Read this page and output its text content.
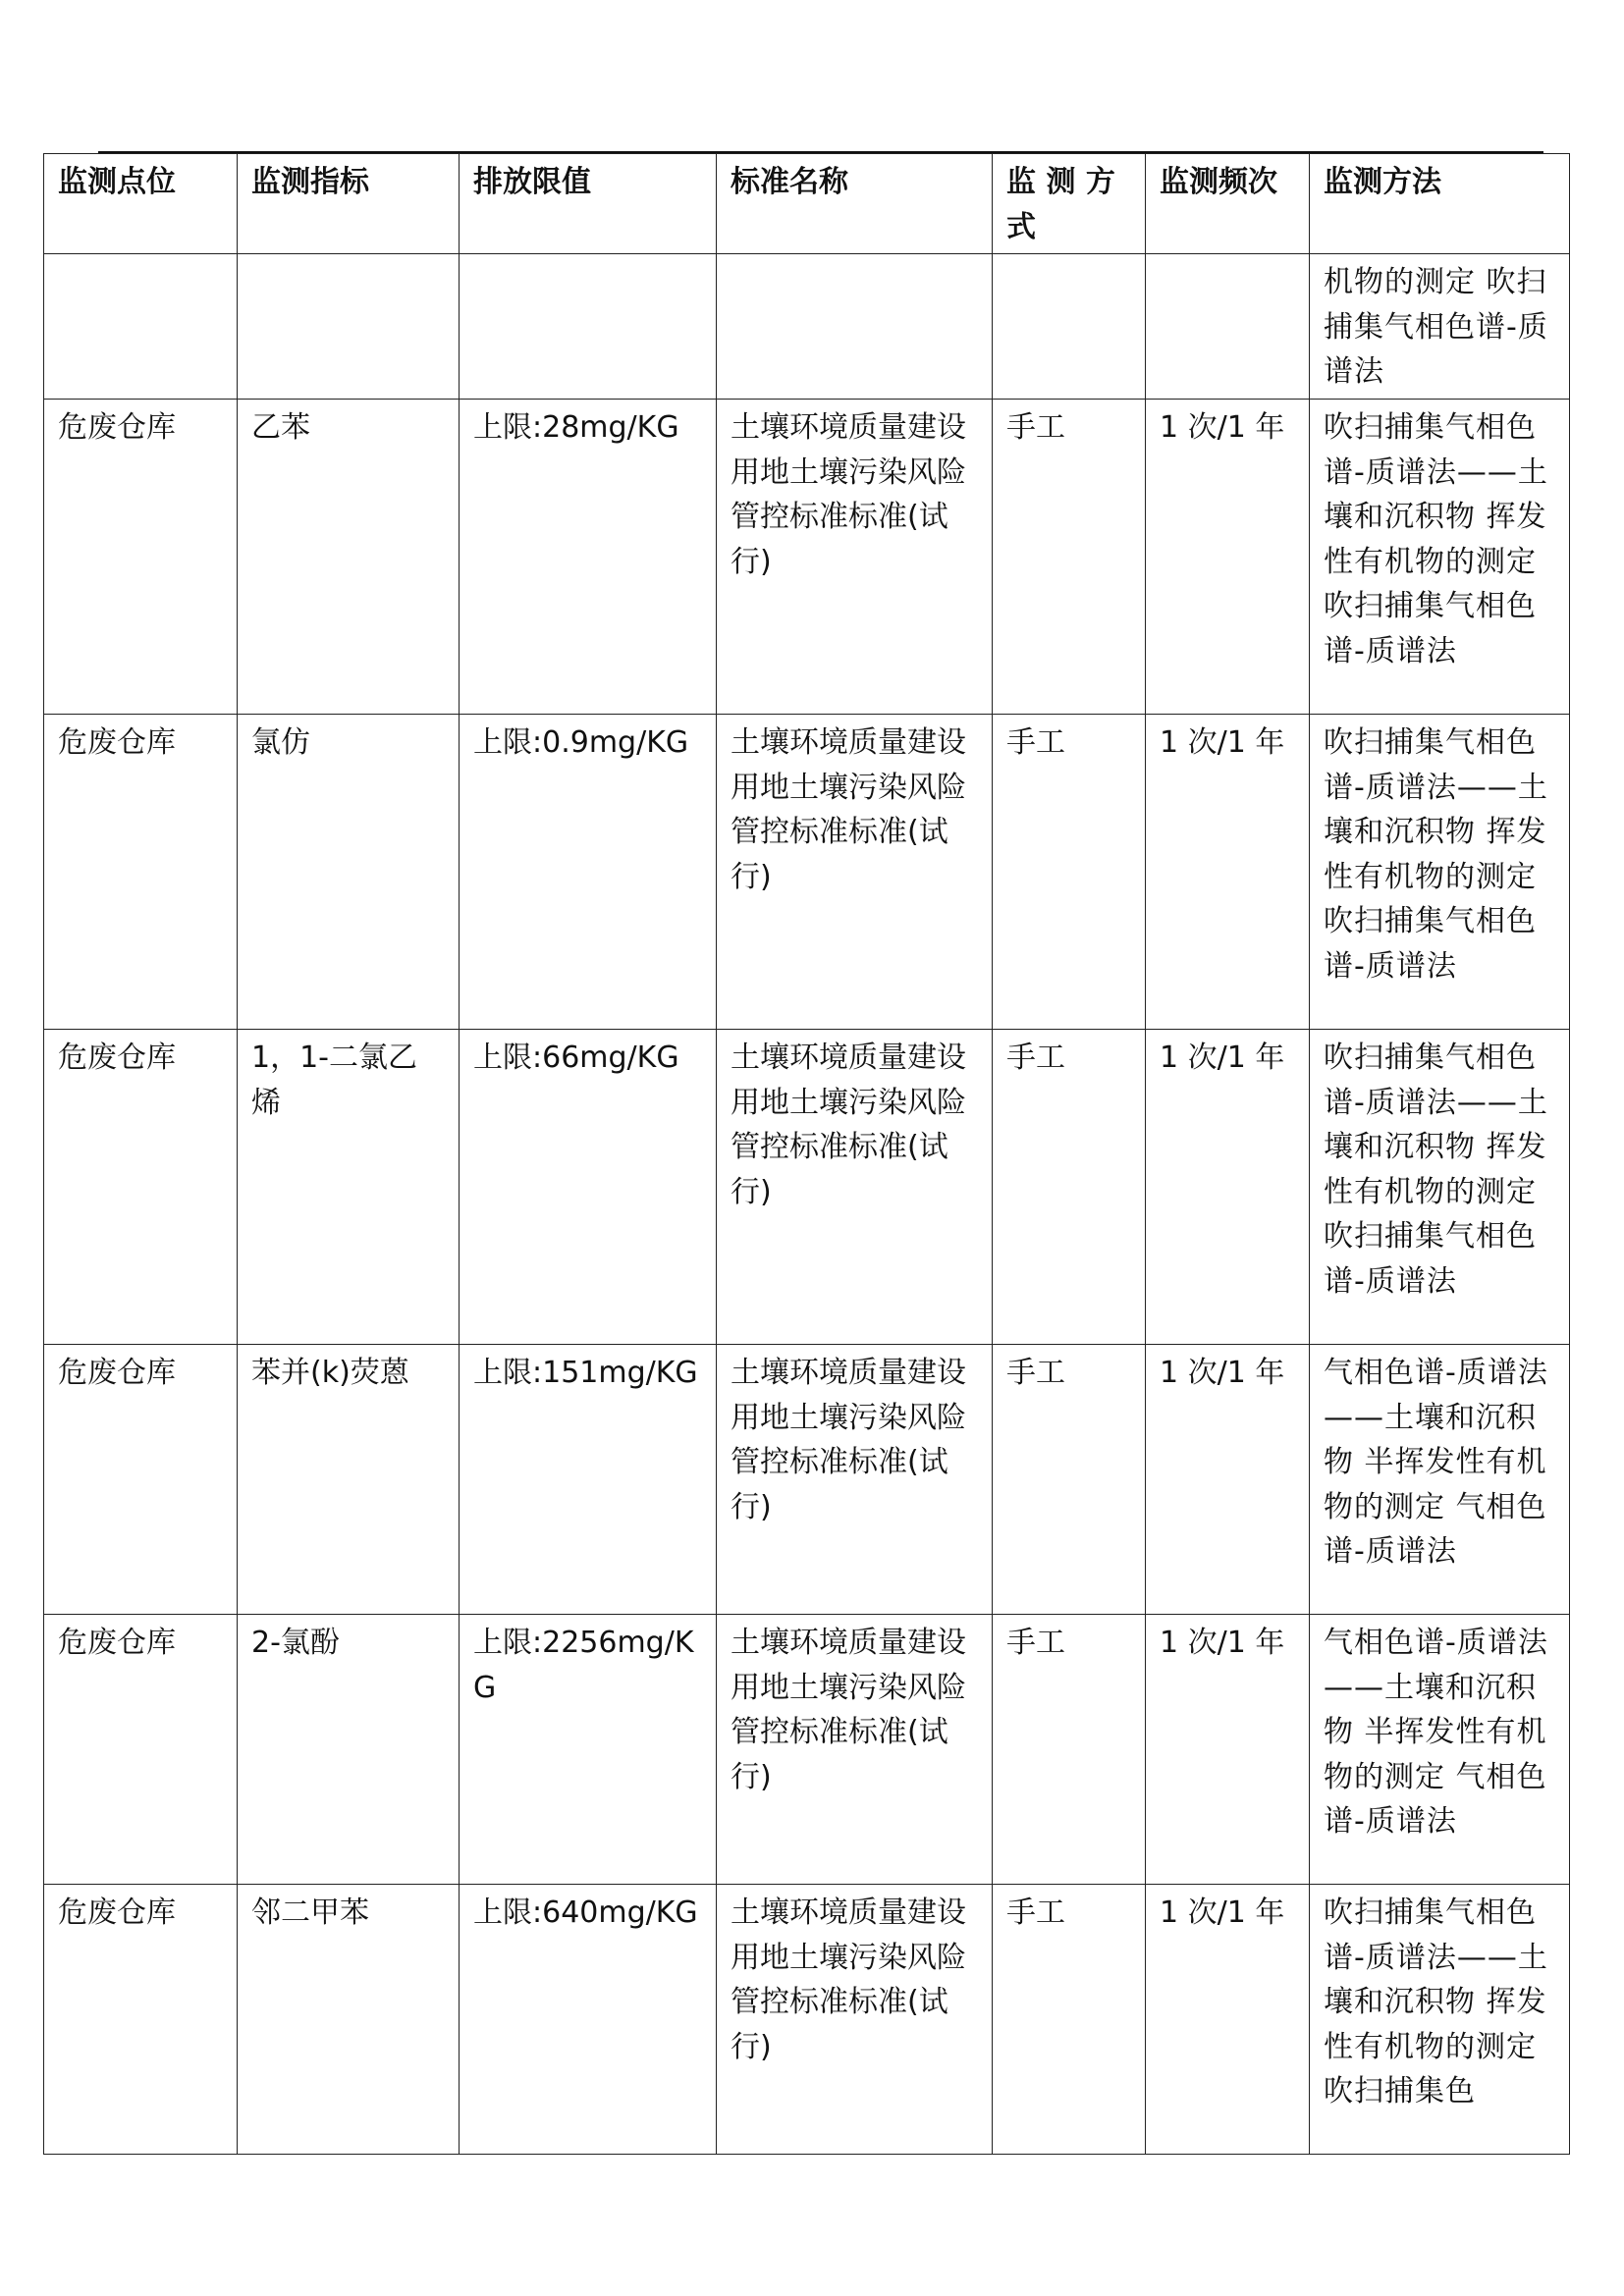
监测点位	监测指标	排放限值	标准名称	监 测 方 式	监测频次	监测方法
						机物的测定 吹扫捕集气相色谱-质谱法
危废仓库	乙苯	上限:28mg/KG	土壤环境质量建设用地土壤污染风险管控标准标准(试行)	手工	1 次/1 年	吹扫捕集气相色谱-质谱法——土壤和沉积物 挥发性有机物的测定 吹扫捕集气相色谱-质谱法
危废仓库	氯仿	上限:0.9mg/KG	土壤环境质量建设用地土壤污染风险管控标准标准(试行)	手工	1 次/1 年	吹扫捕集气相色谱-质谱法——土壤和沉积物 挥发性有机物的测定 吹扫捕集气相色谱-质谱法
危废仓库	1，1-二氯乙烯	上限:66mg/KG	土壤环境质量建设用地土壤污染风险管控标准标准(试行)	手工	1 次/1 年	吹扫捕集气相色谱-质谱法——土壤和沉积物 挥发性有机物的测定 吹扫捕集气相色谱-质谱法
危废仓库	苯并(k)荧蒽	上限:151mg/KG	土壤环境质量建设用地土壤污染风险管控标准标准(试行)	手工	1 次/1 年	气相色谱-质谱法——土壤和沉积物 半挥发性有机物的测定 气相色谱-质谱法
危废仓库	2-氯酚	上限:2256mg/KG	土壤环境质量建设用地土壤污染风险管控标准标准(试行)	手工	1 次/1 年	气相色谱-质谱法——土壤和沉积物 半挥发性有机物的测定 气相色谱-质谱法
危废仓库	邻二甲苯	上限:640mg/KG	土壤环境质量建设用地土壤污染风险管控标准标准(试行)	手工	1 次/1 年	吹扫捕集气相色谱-质谱法——土壤和沉积物 挥发性有机物的测定 吹扫捕集色
